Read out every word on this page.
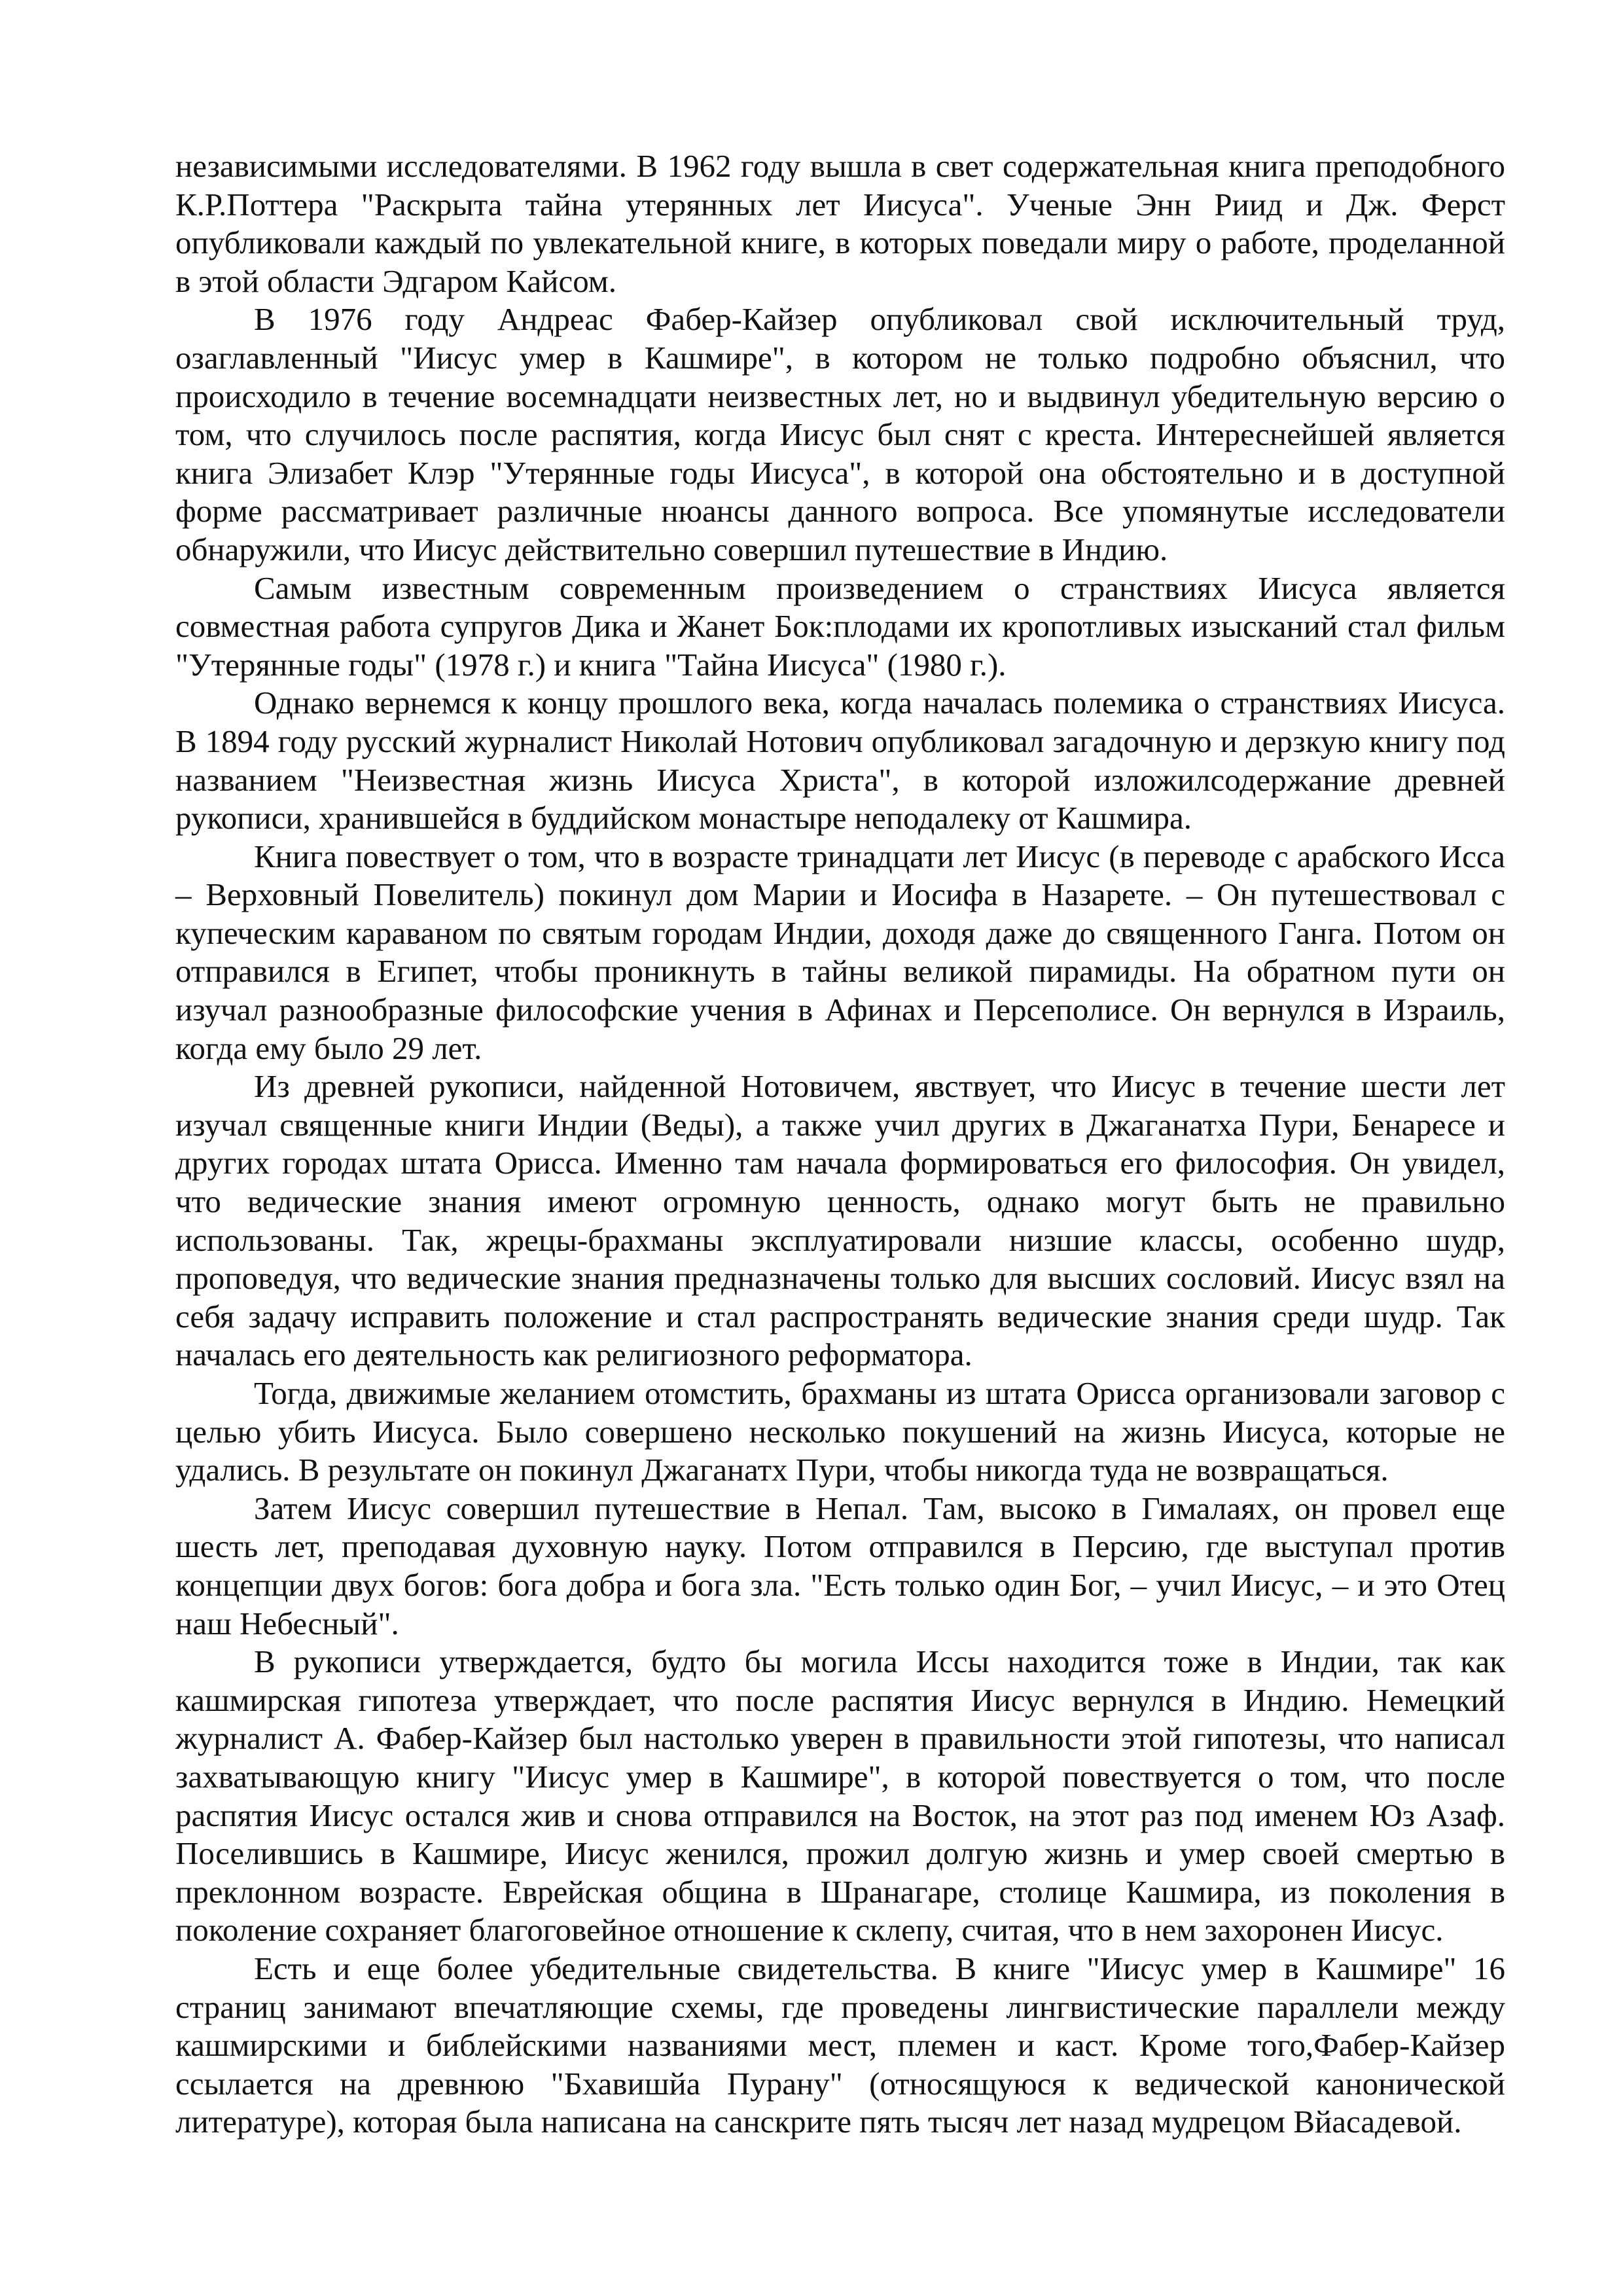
независимыми исследователями. В 1962 году вышла в свет содержательная книга преподобного К.Р.Поттера "Раскрыта тайна утерянных лет Иисуса". Ученые Энн Риид и Дж. Ферст опубликовали каждый по увлекательной книге, в которых поведали миру о работе, проделанной в этой области Эдгаром Кайсом.

В 1976 году Андреас Фабер-Кайзер опубликовал свой исключительный труд, озаглавленный "Иисус умер в Кашмире", в котором не только подробно объяснил, что происходило в течение восемнадцати неизвестных лет, но и выдвинул убедительную версию о том, что случилось после распятия, когда Иисус был снят с креста. Интереснейшей является книга Элизабет Клэр "Утерянные годы Иисуса", в которой она обстоятельно и в доступной форме рассматривает различные нюансы данного вопроса. Все упомянутые исследователи обнаружили, что Иисус действительно совершил путешествие в Индию.

Самым известным современным произведением о странствиях Иисуса является совместная работа супругов Дика и Жанет Бок:плодами их кропотливых изысканий стал фильм "Утерянные годы" (1978 г.) и книга "Тайна Иисуса" (1980 г.).

Однако вернемся к концу прошлого века, когда началась полемика о странствиях Иисуса. В 1894 году русский журналист Николай Нотович опубликовал загадочную и дерзкую книгу под названием "Неизвестная жизнь Иисуса Христа", в которой изложилсодержание древней рукописи, хранившейся в буддийском монастыре неподалеку от Кашмира.

Книга повествует о том, что в возрасте тринадцати лет Иисус (в переводе с арабского Исса – Верховный Повелитель) покинул дом Марии и Иосифа в Назарете. – Он путешествовал с купеческим караваном по святым городам Индии, доходя даже до священного Ганга. Потом он отправился в Египет, чтобы проникнуть в тайны великой пирамиды. На обратном пути он изучал разнообразные философские учения в Афинах и Персеполисе. Он вернулся в Израиль, когда ему было 29 лет.

Из древней рукописи, найденной Нотовичем, явствует, что Иисус в течение шести лет изучал священные книги Индии (Веды), а также учил других в Джаганатха Пури, Бенаресе и других городах штата Орисса. Именно там начала формироваться его философия. Он увидел, что ведические знания имеют огромную ценность, однако могут быть не правильно использованы. Так, жрецы-брахманы эксплуатировали низшие классы, особенно шудр, проповедуя, что ведические знания предназначены только для высших сословий. Иисус взял на себя задачу исправить положение и стал распространять ведические знания среди шудр. Так началась его деятельность как религиозного реформатора.

Тогда, движимые желанием отомстить, брахманы из штата Орисса организовали заговор с целью убить Иисуса. Было совершено несколько покушений на жизнь Иисуса, которые не удались. В результате он покинул Джаганатх Пури, чтобы никогда туда не возвращаться.

Затем Иисус совершил путешествие в Непал. Там, высоко в Гималаях, он провел еще шесть лет, преподавая духовную науку. Потом отправился в Персию, где выступал против концепции двух богов: бога добра и бога зла. "Есть только один Бог, – учил Иисус, – и это Отец наш Небесный".

В рукописи утверждается, будто бы могила Иссы находится тоже в Индии, так как кашмирская гипотеза утверждает, что после распятия Иисус вернулся в Индию. Немецкий журналист А. Фабер-Кайзер был настолько уверен в правильности этой гипотезы, что написал захватывающую книгу "Иисус умер в Кашмире", в которой повествуется о том, что после распятия Иисус остался жив и снова отправился на Восток, на этот раз под именем Юз Азаф. Поселившись в Кашмире, Иисус женился, прожил долгую жизнь и умер своей смертью в преклонном возрасте. Еврейская община в Шранагаре, столице Кашмира, из поколения в поколение сохраняет благоговейное отношение к склепу, считая, что в нем захоронен Иисус.

Есть и еще более убедительные свидетельства. В книге "Иисус умер в Кашмире" 16 страниц занимают впечатляющие схемы, где проведены лингвистические параллели между кашмирскими и библейскими названиями мест, племен и каст. Кроме того,Фабер-Кайзер ссылается на древнюю "Бхавишйа Пурану" (относящуюся к ведической канонической литературе), которая была написана на санскрите пять тысяч лет назад мудрецом Вйасадевой.
